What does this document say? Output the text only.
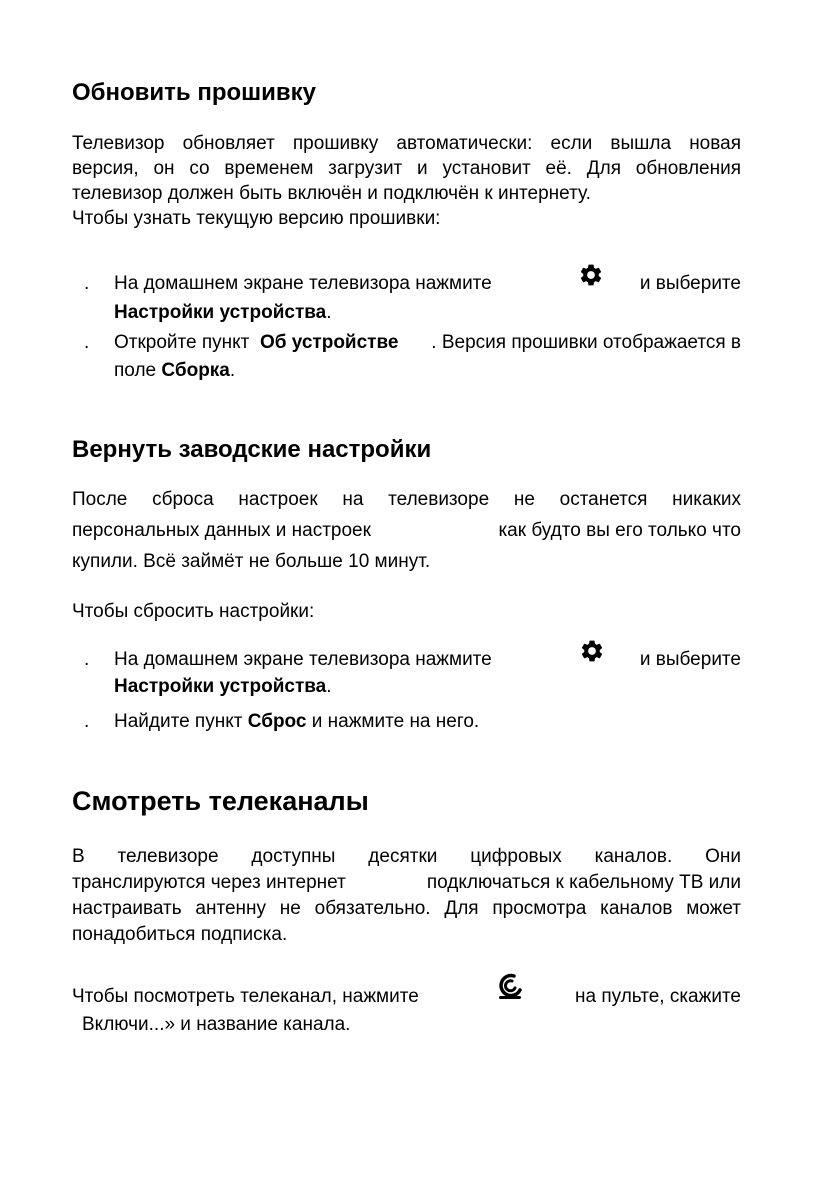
Обновить прошивку
Телевизор обновляет прошивку автоматически: если вышла новая
версия, он со временем загрузит и установит её. Для обновления
телевизор должен быть включён и подключён к интернету.
Чтобы узнать текущую версию прошивки:
. На домашнем экране телевизора нажмите	и выберите
Настройки устройства.
. Откройте пункт Об устройстве . Версия прошивки отображается в
поле Сборка.
Вернуть заводские настройки
После сброса настроек на телевизоре не останется никаких
персональных данных и настроек	как будто вы его только что
купили. Всё займёт не больше 10 минут.
Чтобы сбросить настройки:
. На домашнем экране телевизора нажмите	и выберите
Настройки устройства.
. Найдите пункт Сброс и нажмите на него.
Смотреть телеканалы
В телевизоре доступны десятки цифровых каналов. Они
транслируются через интернет	подключаться к кабельному ТВ или
настраивать антенну не обязательно. Для просмотра каналов может
понадобиться подписка.
Чтобы посмотреть телеканал, нажмите	на пульте, скажите
Включи...» и название канала.
